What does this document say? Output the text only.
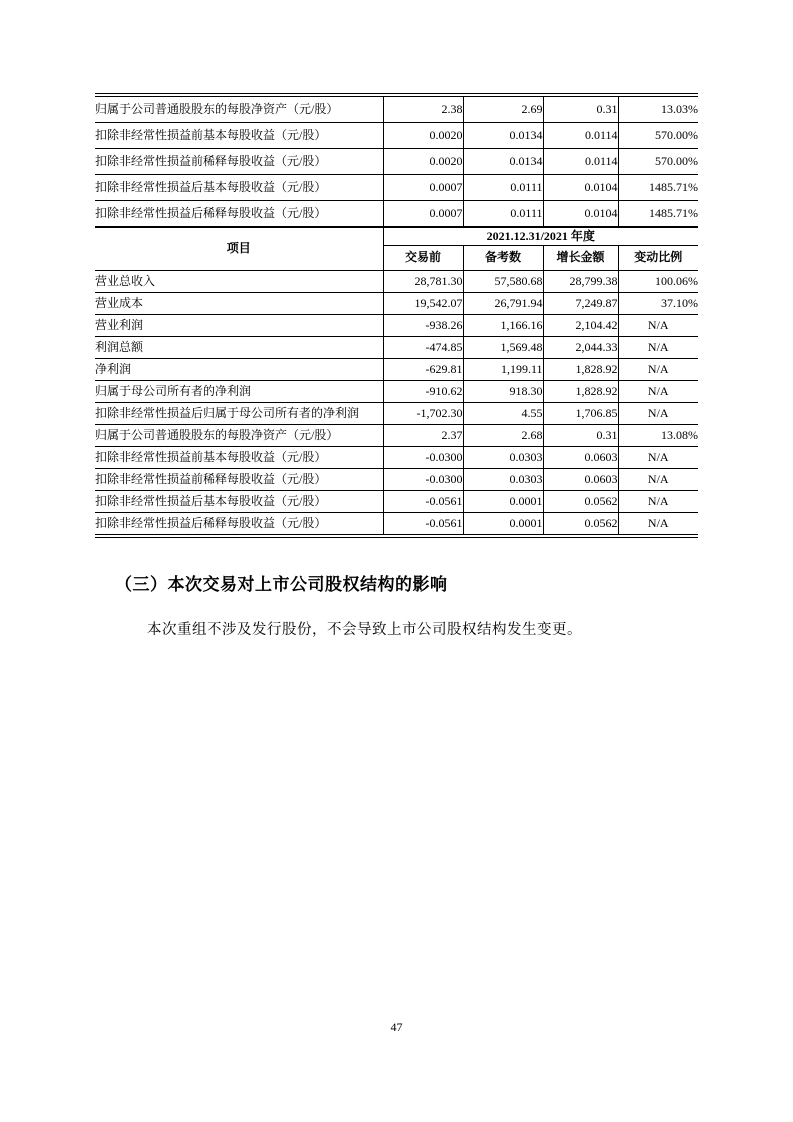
归属于公司普通股股东的每股净资产（元/股）	2.38	2.69	0.31	13.03%
扣除非经常性损益前基本每股收益（元/股）	0.0020	0.0134	0.0114	570.00%
扣除非经常性损益前稀释每股收益（元/股）	0.0020	0.0134	0.0114	570.00%
扣除非经常性损益后基本每股收益（元/股）	0.0007	0.0111	0.0104	1485.71%
扣除非经常性损益后稀释每股收益（元/股）	0.0007	0.0111	0.0104	1485.71%
项目	2021.12.31/2021 年度			
	交易前	备考数	增长金额	变动比例
营业总收入	28,781.30	57,580.68	28,799.38	100.06%
营业成本	19,542.07	26,791.94	7,249.87	37.10%
营业利润	-938.26	1,166.16	2,104.42	N/A
利润总额	-474.85	1,569.48	2,044.33	N/A
净利润	-629.81	1,199.11	1,828.92	N/A
归属于母公司所有者的净利润	-910.62	918.30	1,828.92	N/A
扣除非经常性损益后归属于母公司所有者的净利润	-1,702.30	4.55	1,706.85	N/A
归属于公司普通股股东的每股净资产（元/股）	2.37	2.68	0.31	13.08%
扣除非经常性损益前基本每股收益（元/股）	-0.0300	0.0303	0.0603	N/A
扣除非经常性损益前稀释每股收益（元/股）	-0.0300	0.0303	0.0603	N/A
扣除非经常性损益后基本每股收益（元/股）	-0.0561	0.0001	0.0562	N/A
扣除非经常性损益后稀释每股收益（元/股）	-0.0561	0.0001	0.0562	N/A
（三）本次交易对上市公司股权结构的影响
本次重组不涉及发行股份，不会导致上市公司股权结构发生变更。
47
